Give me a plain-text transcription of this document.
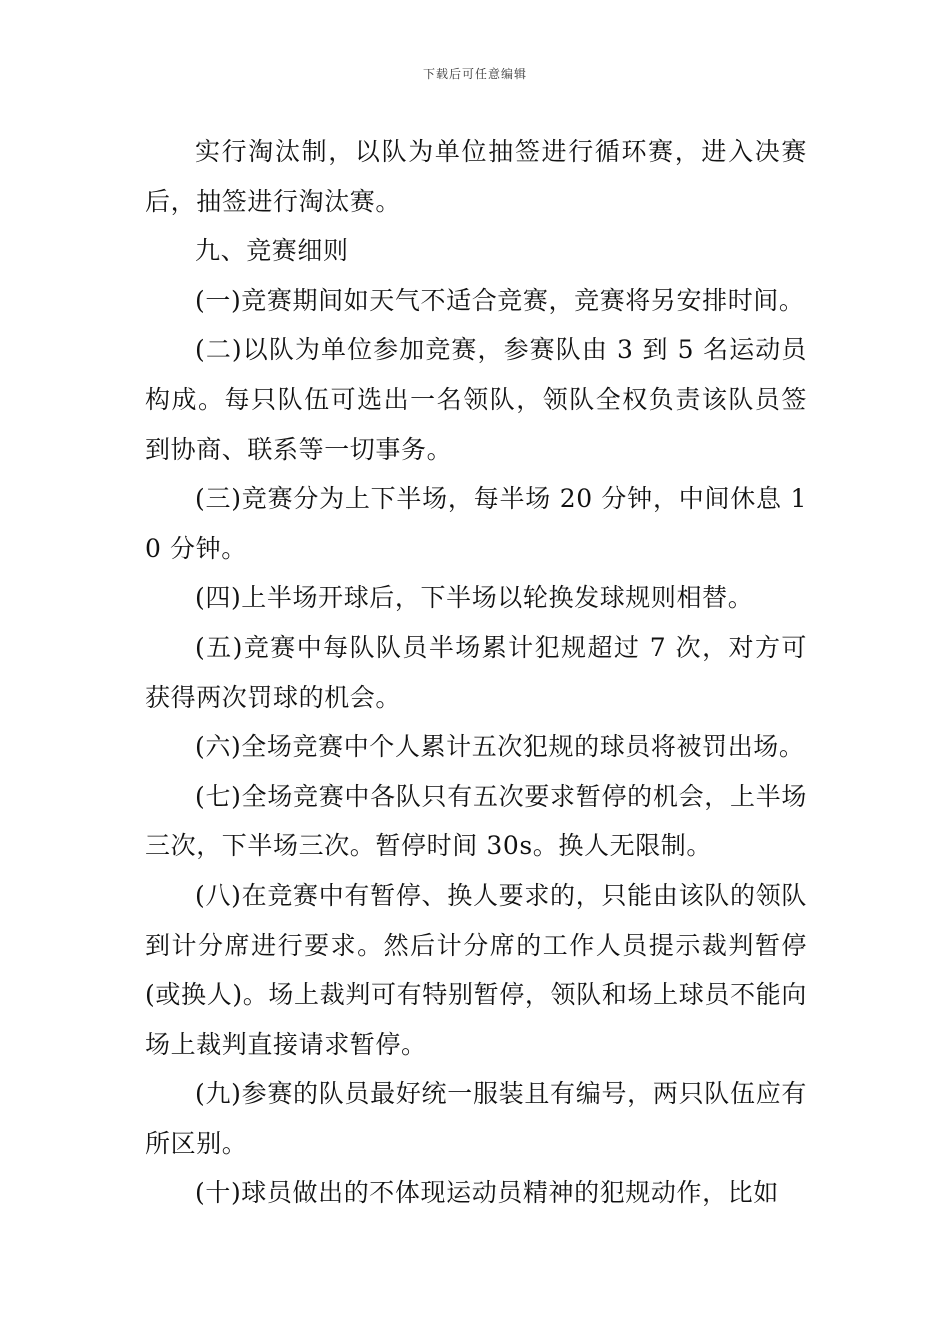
下载后可任意编辑

实行淘汰制，以队为单位抽签进行循环赛，进入决赛后，抽签进行淘汰赛。

九、竞赛细则

(一)竞赛期间如天气不适合竞赛，竞赛将另安排时间。

(二)以队为单位参加竞赛，参赛队由 3 到 5 名运动员构成。每只队伍可选出一名领队，领队全权负责该队员签到协商、联系等一切事务。

(三)竞赛分为上下半场，每半场 20 分钟，中间休息 10 分钟。

(四)上半场开球后，下半场以轮换发球规则相替。

(五)竞赛中每队队员半场累计犯规超过 7 次，对方可获得两次罚球的机会。

(六)全场竞赛中个人累计五次犯规的球员将被罚出场。

(七)全场竞赛中各队只有五次要求暂停的机会，上半场三次，下半场三次。暂停时间 30s。换人无限制。

(八)在竞赛中有暂停、换人要求的，只能由该队的领队到计分席进行要求。然后计分席的工作人员提示裁判暂停(或换人)。场上裁判可有特别暂停，领队和场上球员不能向场上裁判直接请求暂停。

(九)参赛的队员最好统一服装且有编号，两只队伍应有所区别。

(十)球员做出的不体现运动员精神的犯规动作，比如
